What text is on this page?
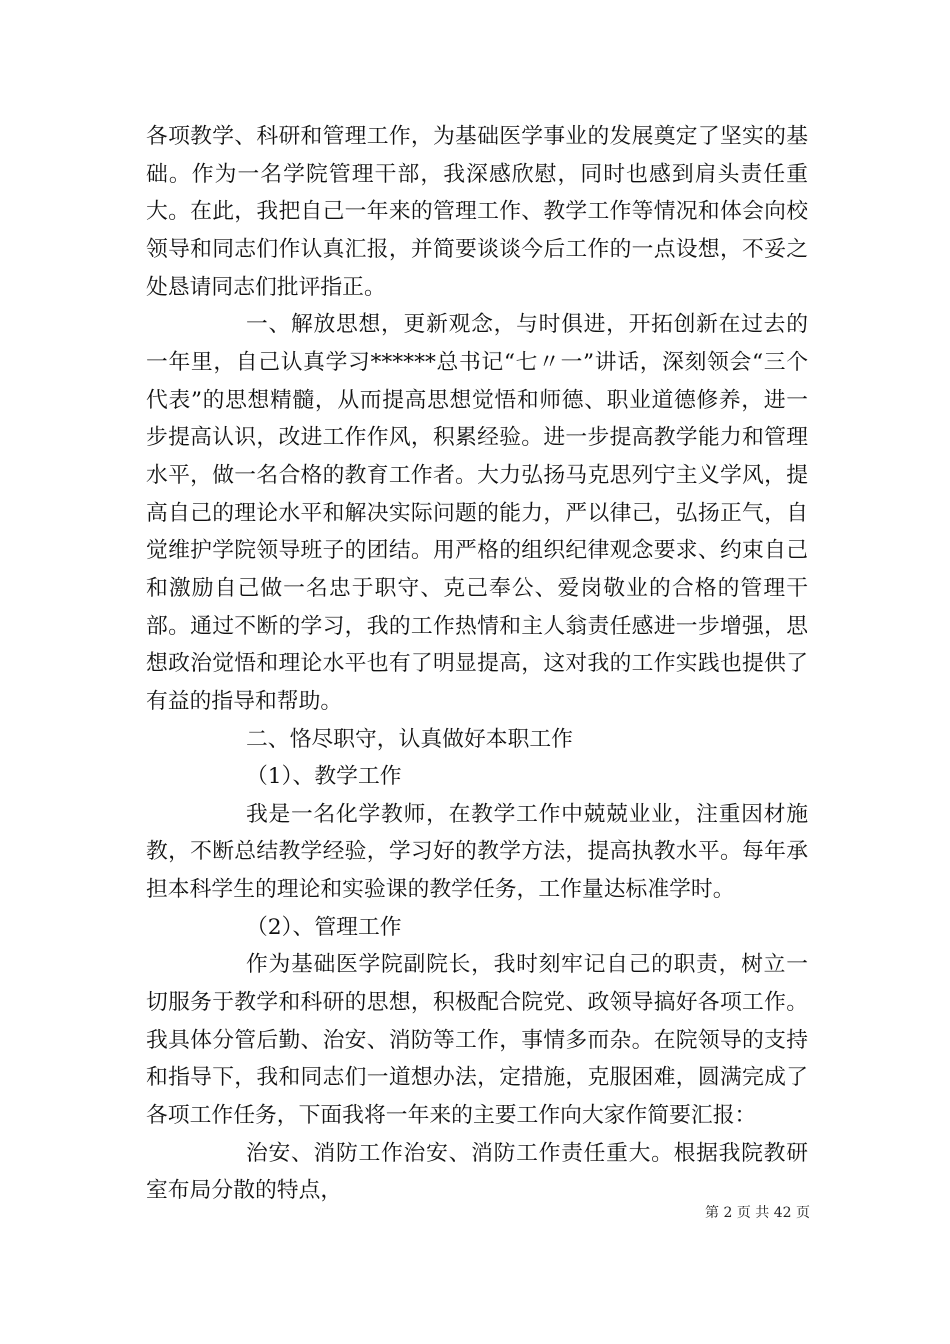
各项教学、科研和管理工作，为基础医学事业的发展奠定了坚实的基础。作为一名学院管理干部，我深感欣慰，同时也感到肩头责任重大。在此，我把自己一年来的管理工作、教学工作等情况和体会向校领导和同志们作认真汇报，并简要谈谈今后工作的一点设想，不妥之处恳请同志们批评指正。

一、解放思想，更新观念，与时俱进，开拓创新在过去的一年里，自己认真学习******总书记“七〃一”讲话，深刻领会“三个代表”的思想精髓，从而提高思想觉悟和师德、职业道德修养，进一步提高认识，改进工作作风，积累经验。进一步提高教学能力和管理水平，做一名合格的教育工作者。大力弘扬马克思列宁主义学风，提高自己的理论水平和解决实际问题的能力，严以律己，弘扬正气，自觉维护学院领导班子的团结。用严格的组织纪律观念要求、约束自己和激励自己做一名忠于职守、克己奉公、爱岗敬业的合格的管理干部。通过不断的学习，我的工作热情和主人翁责任感进一步增强，思想政治觉悟和理论水平也有了明显提高，这对我的工作实践也提供了有益的指导和帮助。

二、恪尽职守，认真做好本职工作

（1）、教学工作

我是一名化学教师，在教学工作中兢兢业业，注重因材施教，不断总结教学经验，学习好的教学方法，提高执教水平。每年承担本科学生的理论和实验课的教学任务，工作量达标准学时。

（2）、管理工作

作为基础医学院副院长，我时刻牢记自己的职责，树立一切服务于教学和科研的思想，积极配合院党、政领导搞好各项工作。我具体分管后勤、治安、消防等工作，事情多而杂。在院领导的支持和指导下，我和同志们一道想办法，定措施，克服困难，圆满完成了各项工作任务，下面我将一年来的主要工作向大家作简要汇报：

治安、消防工作治安、消防工作责任重大。根据我院教研室布局分散的特点，

第 2 页 共 42 页
